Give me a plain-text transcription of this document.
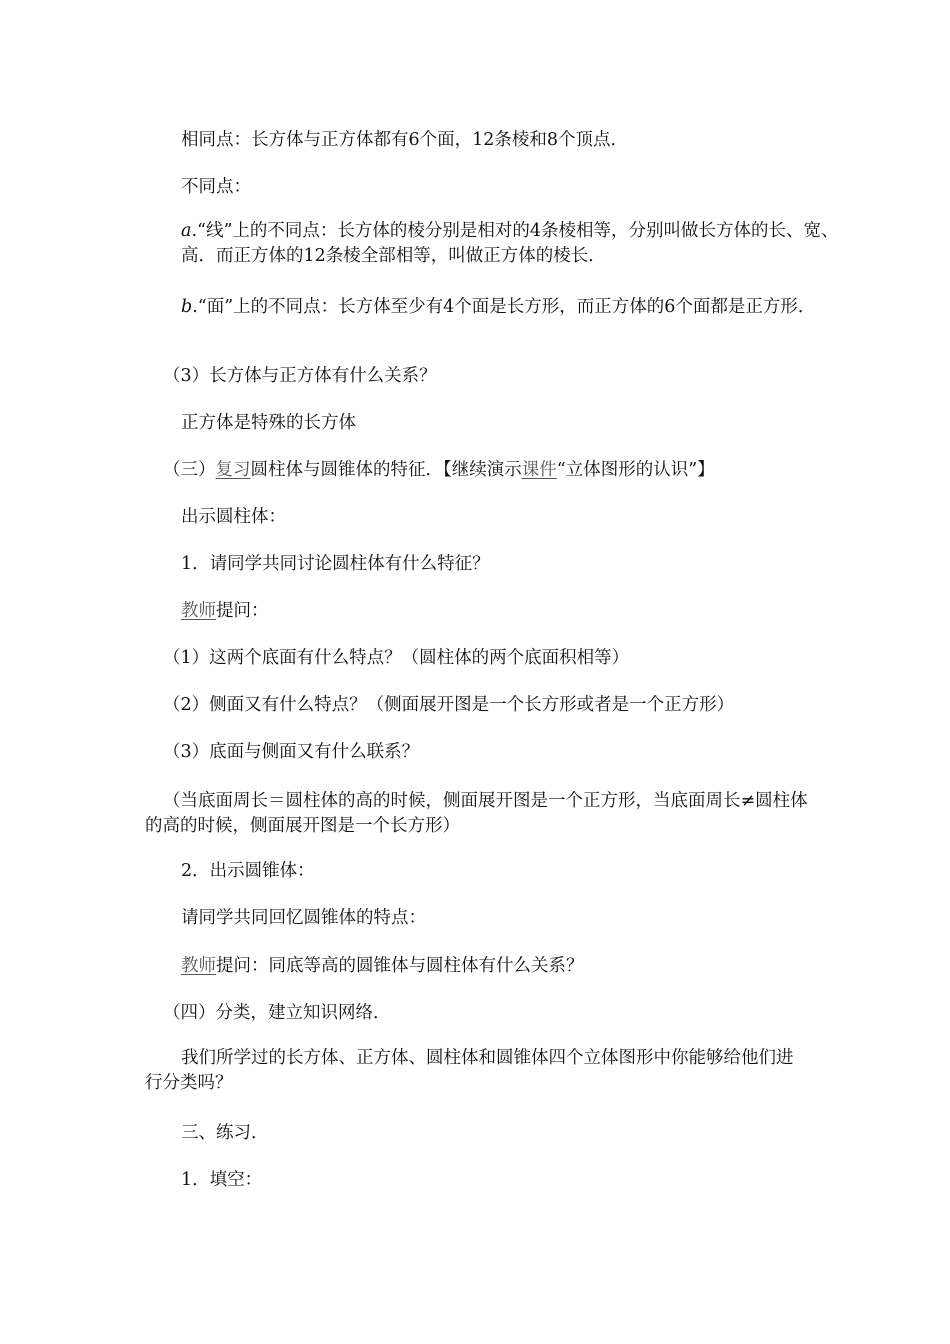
相同点：长方体与正方体都有6个面，12条棱和8个顶点．
不同点：
a.“线”上的不同点：长方体的棱分别是相对的4条棱相等，分别叫做长方体的长、宽、高．而正方体的12条棱全部相等，叫做正方体的棱长．
b.“面”上的不同点：长方体至少有4个面是长方形，而正方体的6个面都是正方形．
（3）长方体与正方体有什么关系？
正方体是特殊的长方体
（三）复习圆柱体与圆锥体的特征．【继续演示课件“立体图形的认识”】
出示圆柱体：
1．请同学共同讨论圆柱体有什么特征？
教师提问：
（1）这两个底面有什么特点？（圆柱体的两个底面积相等）
（2）侧面又有什么特点？（侧面展开图是一个长方形或者是一个正方形）
（3）底面与侧面又有什么联系？
（当底面周长＝圆柱体的高的时候，侧面展开图是一个正方形，当底面周长≠圆柱体的高的时候，侧面展开图是一个长方形）
2．出示圆锥体：
请同学共同回忆圆锥体的特点：
教师提问：同底等高的圆锥体与圆柱体有什么关系？
（四）分类，建立知识网络．
我们所学过的长方体、正方体、圆柱体和圆锥体四个立体图形中你能够给他们进行分类吗？
三、练习．
1．填空：
